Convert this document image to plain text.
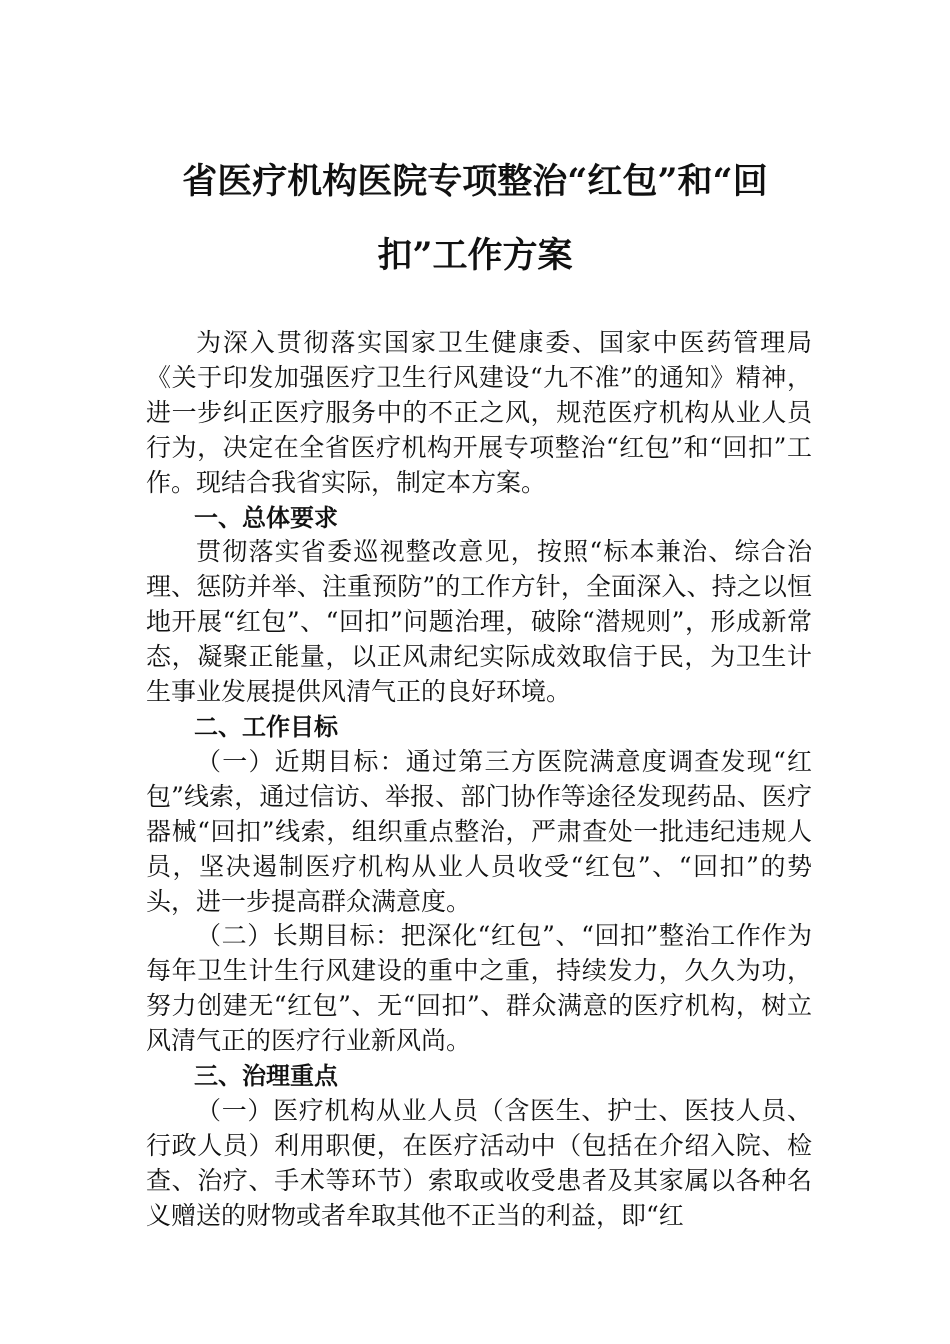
省医疗机构医院专项整治“红包”和“回
扣”工作方案

为深入贯彻落实国家卫生健康委、国家中医药管理局《关于印发加强医疗卫生行风建设“九不准”的通知》精神，进一步纠正医疗服务中的不正之风，规范医疗机构从业人员行为，决定在全省医疗机构开展专项整治“红包”和“回扣”工作。现结合我省实际，制定本方案。

一、总体要求

贯彻落实省委巡视整改意见，按照“标本兼治、综合治理、惩防并举、注重预防”的工作方针，全面深入、持之以恒地开展“红包”、“回扣”问题治理，破除“潜规则”，形成新常态，凝聚正能量，以正风肃纪实际成效取信于民，为卫生计生事业发展提供风清气正的良好环境。

二、工作目标

（一）近期目标：通过第三方医院满意度调查发现“红包”线索，通过信访、举报、部门协作等途径发现药品、医疗器械“回扣”线索，组织重点整治，严肃查处一批违纪违规人员，坚决遏制医疗机构从业人员收受“红包”、“回扣”的势头，进一步提高群众满意度。

（二）长期目标：把深化“红包”、“回扣”整治工作作为每年卫生计生行风建设的重中之重，持续发力，久久为功，努力创建无“红包”、无“回扣”、群众满意的医疗机构，树立风清气正的医疗行业新风尚。

三、治理重点

（一）医疗机构从业人员（含医生、护士、医技人员、行政人员）利用职便，在医疗活动中（包括在介绍入院、检查、治疗、手术等环节）索取或收受患者及其家属以各种名义赠送的财物或者牟取其他不正当的利益，即“红
